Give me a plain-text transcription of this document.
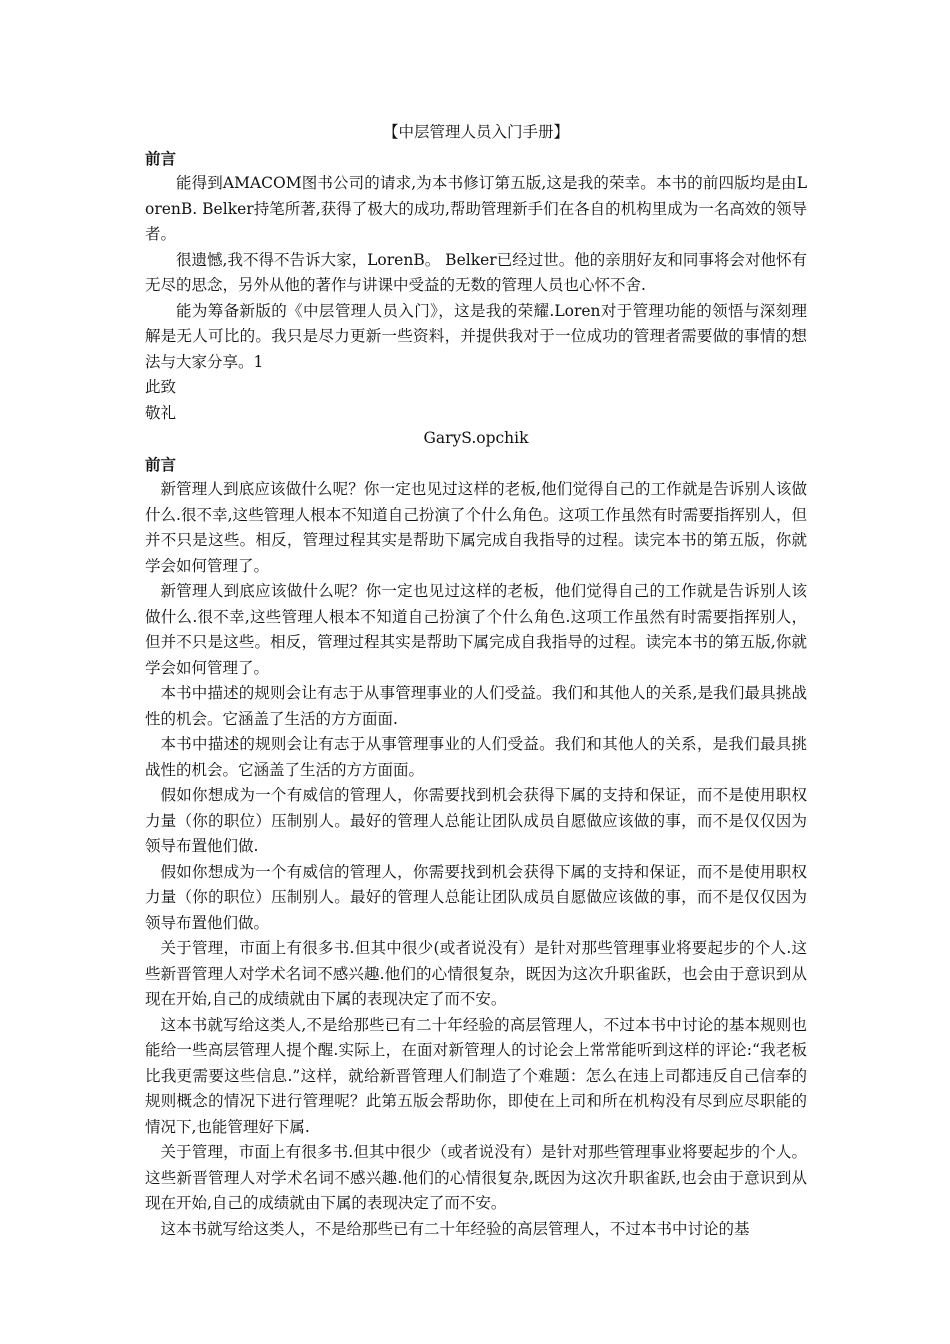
【中层管理人员入门手册】

前言

能得到AMACOM图书公司的请求,为本书修订第五版,这是我的荣幸。本书的前四版均是由LorenB. Belker持笔所著,获得了极大的成功,帮助管理新手们在各自的机构里成为一名高效的领导者。

很遗憾,我不得不告诉大家，LorenB。 Belker已经过世。他的亲朋好友和同事将会对他怀有无尽的思念，另外从他的著作与讲课中受益的无数的管理人员也心怀不舍.

能为筹备新版的《中层管理人员入门》，这是我的荣耀.Loren对于管理功能的领悟与深刻理解是无人可比的。我只是尽力更新一些资料，并提供我对于一位成功的管理者需要做的事情的想法与大家分享。1

此致

敬礼

GaryS.opchik

前言

新管理人到底应该做什么呢？你一定也见过这样的老板,他们觉得自己的工作就是告诉别人该做什么.很不幸,这些管理人根本不知道自己扮演了个什么角色。这项工作虽然有时需要指挥别人，但并不只是这些。相反，管理过程其实是帮助下属完成自我指导的过程。读完本书的第五版，你就学会如何管理了。

新管理人到底应该做什么呢？你一定也见过这样的老板，他们觉得自己的工作就是告诉别人该做什么.很不幸,这些管理人根本不知道自己扮演了个什么角色.这项工作虽然有时需要指挥别人，但并不只是这些。相反，管理过程其实是帮助下属完成自我指导的过程。读完本书的第五版,你就学会如何管理了。

本书中描述的规则会让有志于从事管理事业的人们受益。我们和其他人的关系,是我们最具挑战性的机会。它涵盖了生活的方方面面.

本书中描述的规则会让有志于从事管理事业的人们受益。我们和其他人的关系，是我们最具挑战性的机会。它涵盖了生活的方方面面。

假如你想成为一个有威信的管理人，你需要找到机会获得下属的支持和保证，而不是使用职权力量（你的职位）压制别人。最好的管理人总能让团队成员自愿做应该做的事，而不是仅仅因为领导布置他们做.

假如你想成为一个有威信的管理人，你需要找到机会获得下属的支持和保证，而不是使用职权力量（你的职位）压制别人。最好的管理人总能让团队成员自愿做应该做的事，而不是仅仅因为领导布置他们做。

关于管理，市面上有很多书.但其中很少(或者说没有）是针对那些管理事业将要起步的个人.这些新晋管理人对学术名词不感兴趣.他们的心情很复杂，既因为这次升职雀跃，也会由于意识到从现在开始,自己的成绩就由下属的表现决定了而不安。

这本书就写给这类人,不是给那些已有二十年经验的高层管理人，不过本书中讨论的基本规则也能给一些高层管理人提个醒.实际上，在面对新管理人的讨论会上常常能听到这样的评论:“我老板比我更需要这些信息.”这样，就给新晋管理人们制造了个难题：怎么在违上司都违反自己信奉的规则概念的情况下进行管理呢？此第五版会帮助你，即使在上司和所在机构没有尽到应尽职能的情况下,也能管理好下属.

关于管理，市面上有很多书.但其中很少（或者说没有）是针对那些管理事业将要起步的个人。这些新晋管理人对学术名词不感兴趣.他们的心情很复杂,既因为这次升职雀跃,也会由于意识到从现在开始,自己的成绩就由下属的表现决定了而不安。

这本书就写给这类人，不是给那些已有二十年经验的高层管理人，不过本书中讨论的基
